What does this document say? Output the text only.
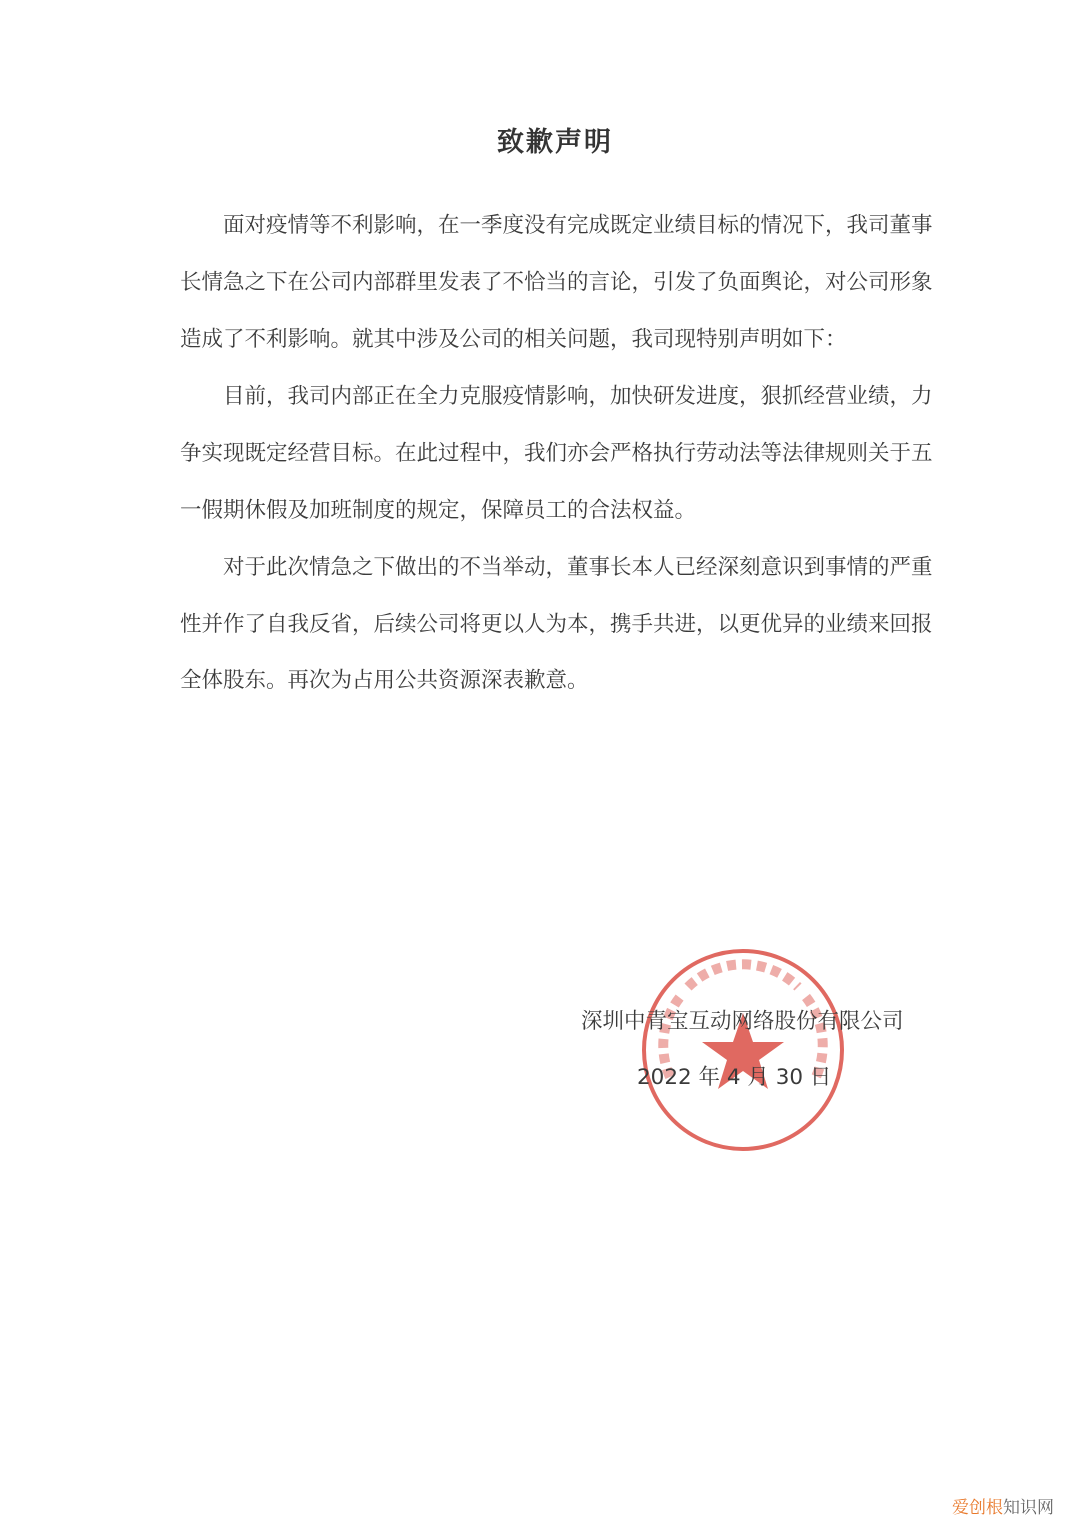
致歉声明
面对疫情等不利影响，在一季度没有完成既定业绩目标的情况下，我司董事
长情急之下在公司内部群里发表了不恰当的言论，引发了负面舆论，对公司形象
造成了不利影响。就其中涉及公司的相关问题，我司现特别声明如下：
目前，我司内部正在全力克服疫情影响，加快研发进度，狠抓经营业绩，力
争实现既定经营目标。在此过程中，我们亦会严格执行劳动法等法律规则关于五
一假期休假及加班制度的规定，保障员工的合法权益。
对于此次情急之下做出的不当举动，董事长本人已经深刻意识到事情的严重
性并作了自我反省，后续公司将更以人为本，携手共进，以更优异的业绩来回报
全体股东。再次为占用公共资源深表歉意。
深圳中青宝互动网络股份有限公司
2022 年 4 月 30 日
爱创根知识网
